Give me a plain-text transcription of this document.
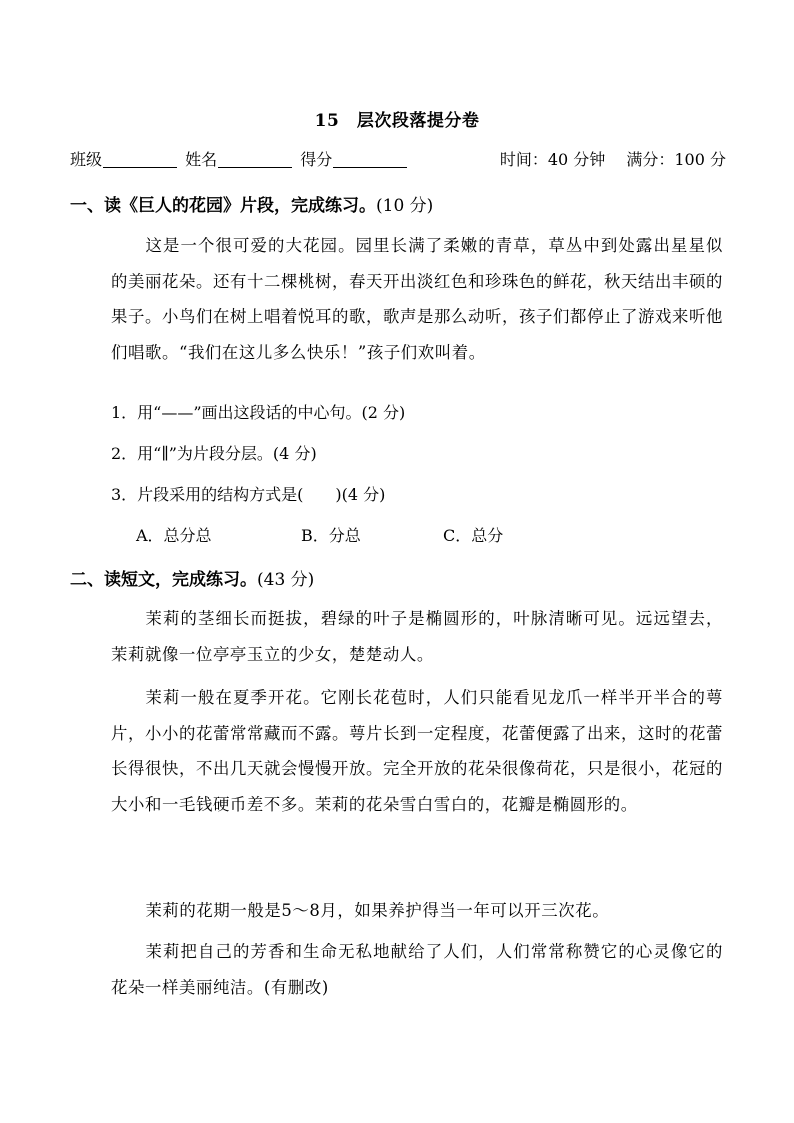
15　层次段落提分卷
班级	姓名	得分	时间：40 分钟 满分：100 分
一、读《巨人的花园》片段，完成练习。(10 分)
这是一个很可爱的大花园。园里长满了柔嫩的青草，草丛中到处露出星星似的美丽花朵。还有十二棵桃树，春天开出淡红色和珍珠色的鲜花，秋天结出丰硕的果子。小鸟们在树上唱着悦耳的歌，歌声是那么动听，孩子们都停止了游戏来听他们唱歌。“我们在这儿多么快乐！”孩子们欢叫着。
1．用“——”画出这段话的中心句。(2 分)
2．用“∥”为片段分层。(4 分)
3．片段采用的结构方式是(　　)(4 分)
A．总分总	B．分总	C．总分
二、读短文，完成练习。(43 分)
茉莉的茎细长而挺拔，碧绿的叶子是椭圆形的，叶脉清晰可见。远远望去，茉莉就像一位亭亭玉立的少女，楚楚动人。
茉莉一般在夏季开花。它刚长花苞时，人们只能看见龙爪一样半开半合的萼片，小小的花蕾常常藏而不露。萼片长到一定程度，花蕾便露了出来，这时的花蕾长得很快，不出几天就会慢慢开放。完全开放的花朵很像荷花，只是很小，花冠的大小和一毛钱硬币差不多。茉莉的花朵雪白雪白的，花瓣是椭圆形的。
茉莉的花期一般是5～8月，如果养护得当一年可以开三次花。
茉莉把自己的芳香和生命无私地献给了人们，人们常常称赞它的心灵像它的花朵一样美丽纯洁。(有删改)
